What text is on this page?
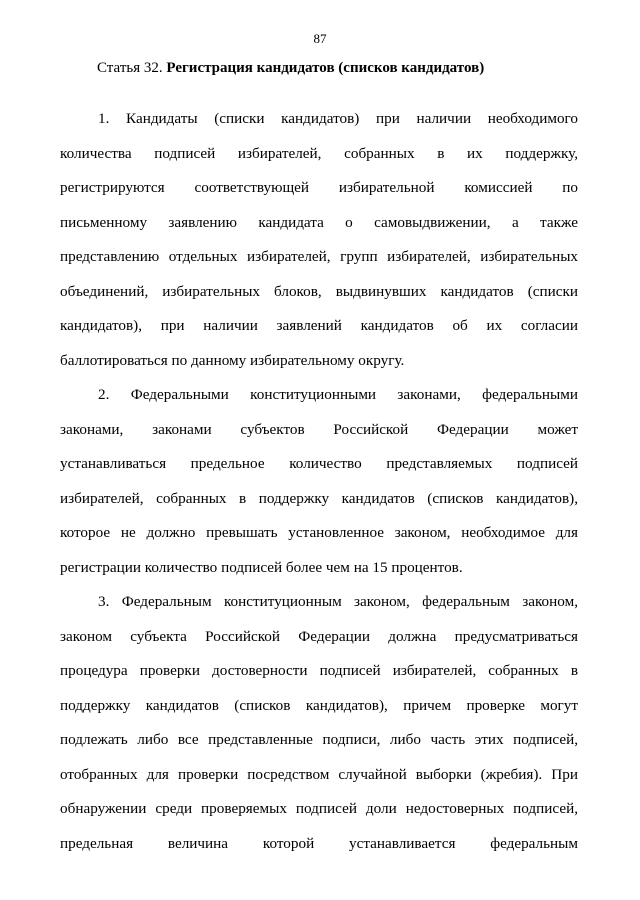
87
Статья 32. Регистрация кандидатов (списков кандидатов)
1. Кандидаты (списки кандидатов) при наличии необходимого
количества подписей избирателей, собранных в их поддержку,
регистрируются соответствующей избирательной комиссией по
письменному заявлению кандидата о самовыдвижении, а также
представлению отдельных избирателей, групп избирателей, избирательных
объединений, избирательных блоков, выдвинувших кандидатов (списки
кандидатов), при наличии заявлений кандидатов об их согласии
баллотироваться по данному избирательному округу.
2. Федеральными конституционными законами, федеральными
законами, законами субъектов Российской Федерации может
устанавливаться предельное количество представляемых подписей
избирателей, собранных в поддержку кандидатов (списков кандидатов),
которое не должно превышать установленное законом, необходимое для
регистрации количество подписей более чем на 15 процентов.
3. Федеральным конституционным законом, федеральным законом,
законом субъекта Российской Федерации должна предусматриваться
процедура проверки достоверности подписей избирателей, собранных в
поддержку кандидатов (списков кандидатов), причем проверке могут
подлежать либо все представленные подписи, либо часть этих подписей,
отобранных для проверки посредством случайной выборки (жребия). При
обнаружении среди проверяемых подписей доли недостоверных подписей,
предельная величина которой устанавливается федеральным
